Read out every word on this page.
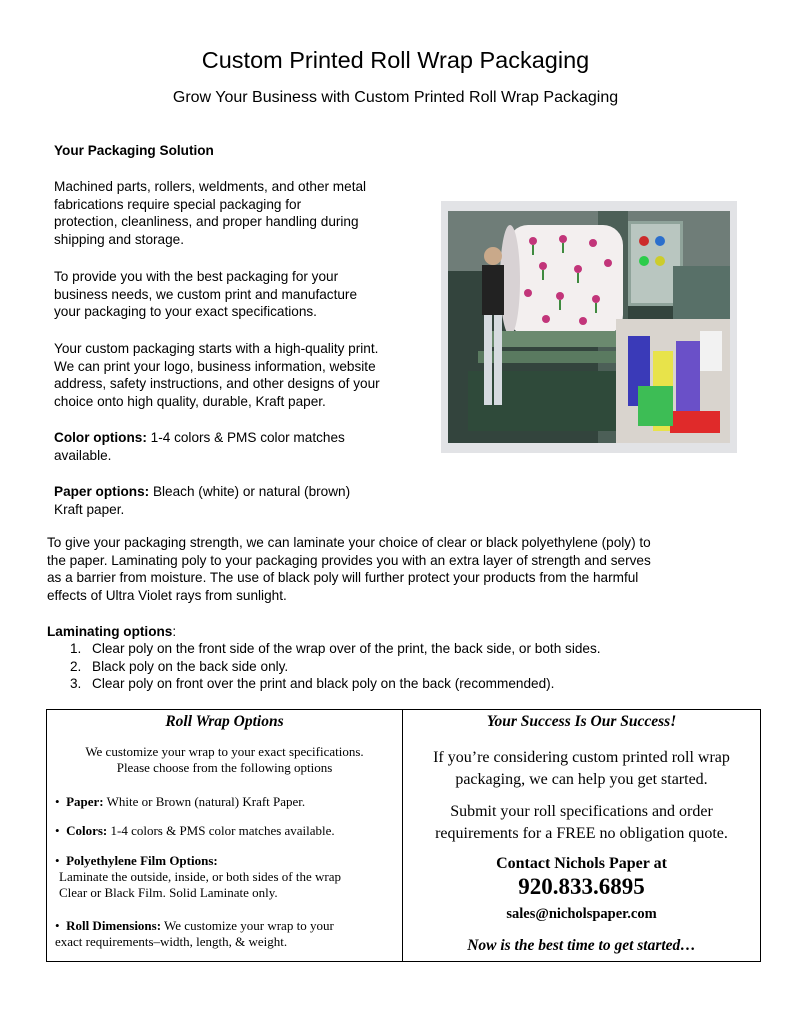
Custom Printed Roll Wrap Packaging
Grow Your Business with Custom Printed Roll Wrap Packaging
Your Packaging Solution
Machined parts, rollers, weldments, and other metal
fabrications require special packaging for
protection, cleanliness, and proper handling during
shipping and storage.
To provide you with the best packaging for your
business needs, we custom print and manufacture
your packaging to your exact specifications.
Your custom packaging starts with a high-quality print.
We can print your logo, business information, website
address, safety instructions, and other designs of your
choice onto high quality, durable, Kraft paper.
Color options: 1-4 colors & PMS color matches
available.
Paper options: Bleach (white) or natural (brown)
Kraft paper.
To give your packaging strength, we can laminate your choice of clear or black polyethylene (poly) to
the paper. Laminating poly to your packaging provides you with an extra layer of strength and serves
as a barrier from moisture. The use of black poly will further protect your products from the harmful
effects of Ultra Violet rays from sunlight.
Laminating options:
1. Clear poly on the front side of the wrap over of the print, the back side, or both sides.
2. Black poly on the back side only.
3. Clear poly on front over the print and black poly on the back (recommended).
Roll Wrap Options
We customize your wrap to your exact specifications.
Please choose from the following options
• Paper: White or Brown (natural) Kraft Paper.
• Colors: 1-4 colors & PMS color matches available.
• Polyethylene Film Options:
Laminate the outside, inside, or both sides of the wrap
Clear or Black Film. Solid Laminate only.
• Roll Dimensions: We customize your wrap to your
exact requirements–width, length, & weight.
Your Success Is Our Success!
If you’re considering custom printed roll wrap
packaging, we can help you get started.
Submit your roll specifications and order
requirements for a FREE no obligation quote.
Contact Nichols Paper at
920.833.6895
sales@nicholspaper.com
Now is the best time to get started…
